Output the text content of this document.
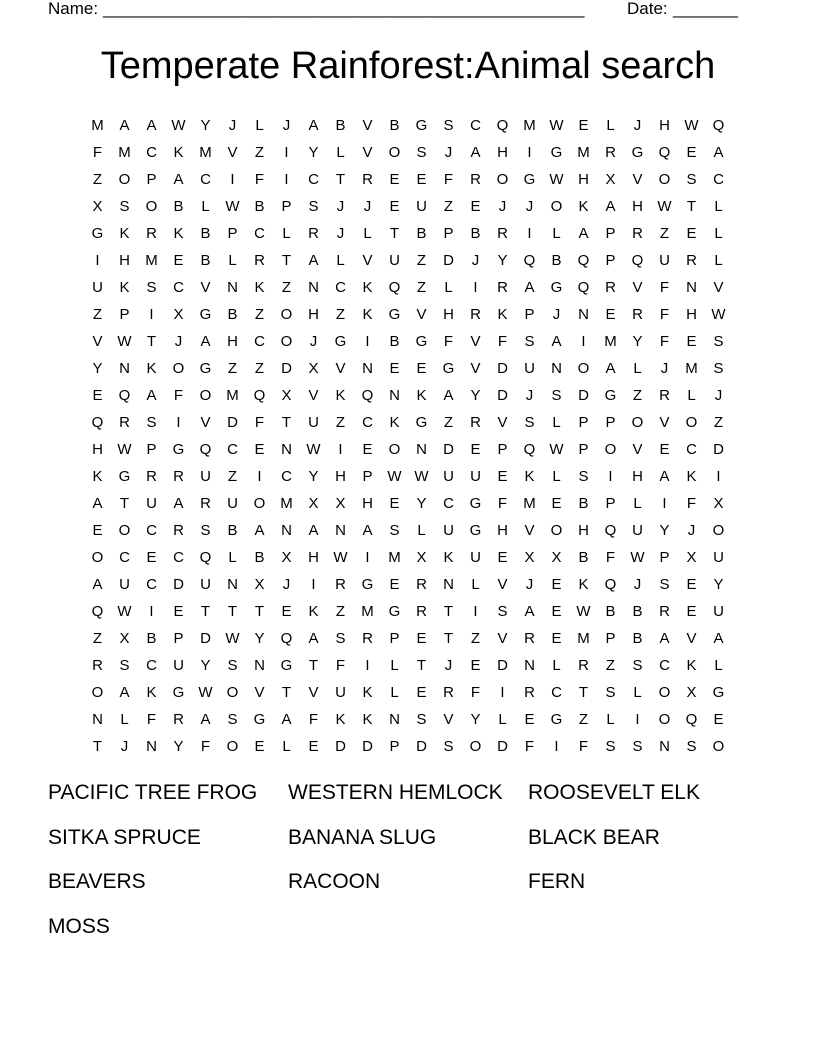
Name: ____________________________________________________	Date: _______
Temperate Rainforest:Animal search
M	A	A W Y	J	L	J	A	B	V	B	G	S	C	Q M W E	L	J	H W Q
F	M	C	K	M	V	Z	I	Y	L	V	O	S	J	A	H	I	G M	R	G	Q	E	A
Z	O	P	A	C	I	F	I	C	T	R	E	E	F	R	O	G W H	X	V	O	S	C
X	S	O	B	L	W B	P	S	J	J	E	U	Z	E	J	J	O	K	A	H W	T	L
G	K	R	K	B	P	C	L	R	J	L	T	B	P	B	R	I	L	A	P	R	Z	E	L
I	H	M	E	B	L	R	T	A	L	V	U	Z	D	J	Y	Q	B	Q	P	Q	U	R	L
U	K	S	C	V	N	K	Z	N	C	K	Q	Z	L	I	R	A	G	Q	R	V	F	N	V
Z	P	I	X	G	B	Z	O	H	Z	K	G	V	H	R	K	P	J	N	E	R	F	H W
V W	T	J	A	H	C	O	J	G	I	B	G	F	V	F	S	A	I	M	Y	F	E	S
Y	N	K	O	G	Z	Z	D	X	V	N	E	E	G	V	D	U	N	O	A	L	J	M	S
E	Q	A	F	O M Q	X	V	K	Q	N	K	A	Y	D	J	S	D	G	Z	R	L	J
Q	R	S	I	V	D	F	T	U	Z	C	K	G	Z	R	V	S	L	P	P	O	V	O	Z
H W P	G	Q	C	E	N W	I	E	O	N	D	E	P	Q W P	O	V	E	C	D
K	G	R	R	U	Z	I	C	Y	H	P W W U	U	E	K	L	S	I	H	A	K	I
A	T	U	A	R	U	O M	X	X	H	E	Y	C	G	F	M	E	B	P	L	I	F	X
E	O	C	R	S	B	A	N	A	N	A	S	L	U	G	H	V	O	H	Q	U	Y	J	O
O	C	E	C	Q	L	B	X	H W	I	M	X	K	U	E	X	X	B	F	W P	X	U
A	U	C	D	U	N	X	J	I	R	G	E	R	N	L	V	J	E	K	Q	J	S	E	Y
Q W	I	E	T	T	T	E	K	Z	M G	R	T	I	S	A	E W B	B	R	E	U
Z	X	B	P	D W Y	Q	A	S	R	P	E	T	Z	V	R	E	M	P	B	A	V	A
R	S	C	U	Y	S	N	G	T	F	I	L	T	J	E	D	N	L	R	Z	S	C	K	L
O	A	K	G W O	V	T	V	U	K	L	E	R	F	I	R	C	T	S	L	O	X	G
N	L	F	R	A	S	G	A	F	K	K	N	S	V	Y	L	E	G	Z	L	I	O	Q	E
T	J	N	Y	F	O	E	L	E	D	D	P	D	S	O	D	F	I	F	S	S	N	S	O
PACIFIC TREE FROG	WESTERN HEMLOCK	ROOSEVELT ELK
SITKA SPRUCE	BANANA SLUG	BLACK BEAR
BEAVERS	RACOON	FERN
MOSS
